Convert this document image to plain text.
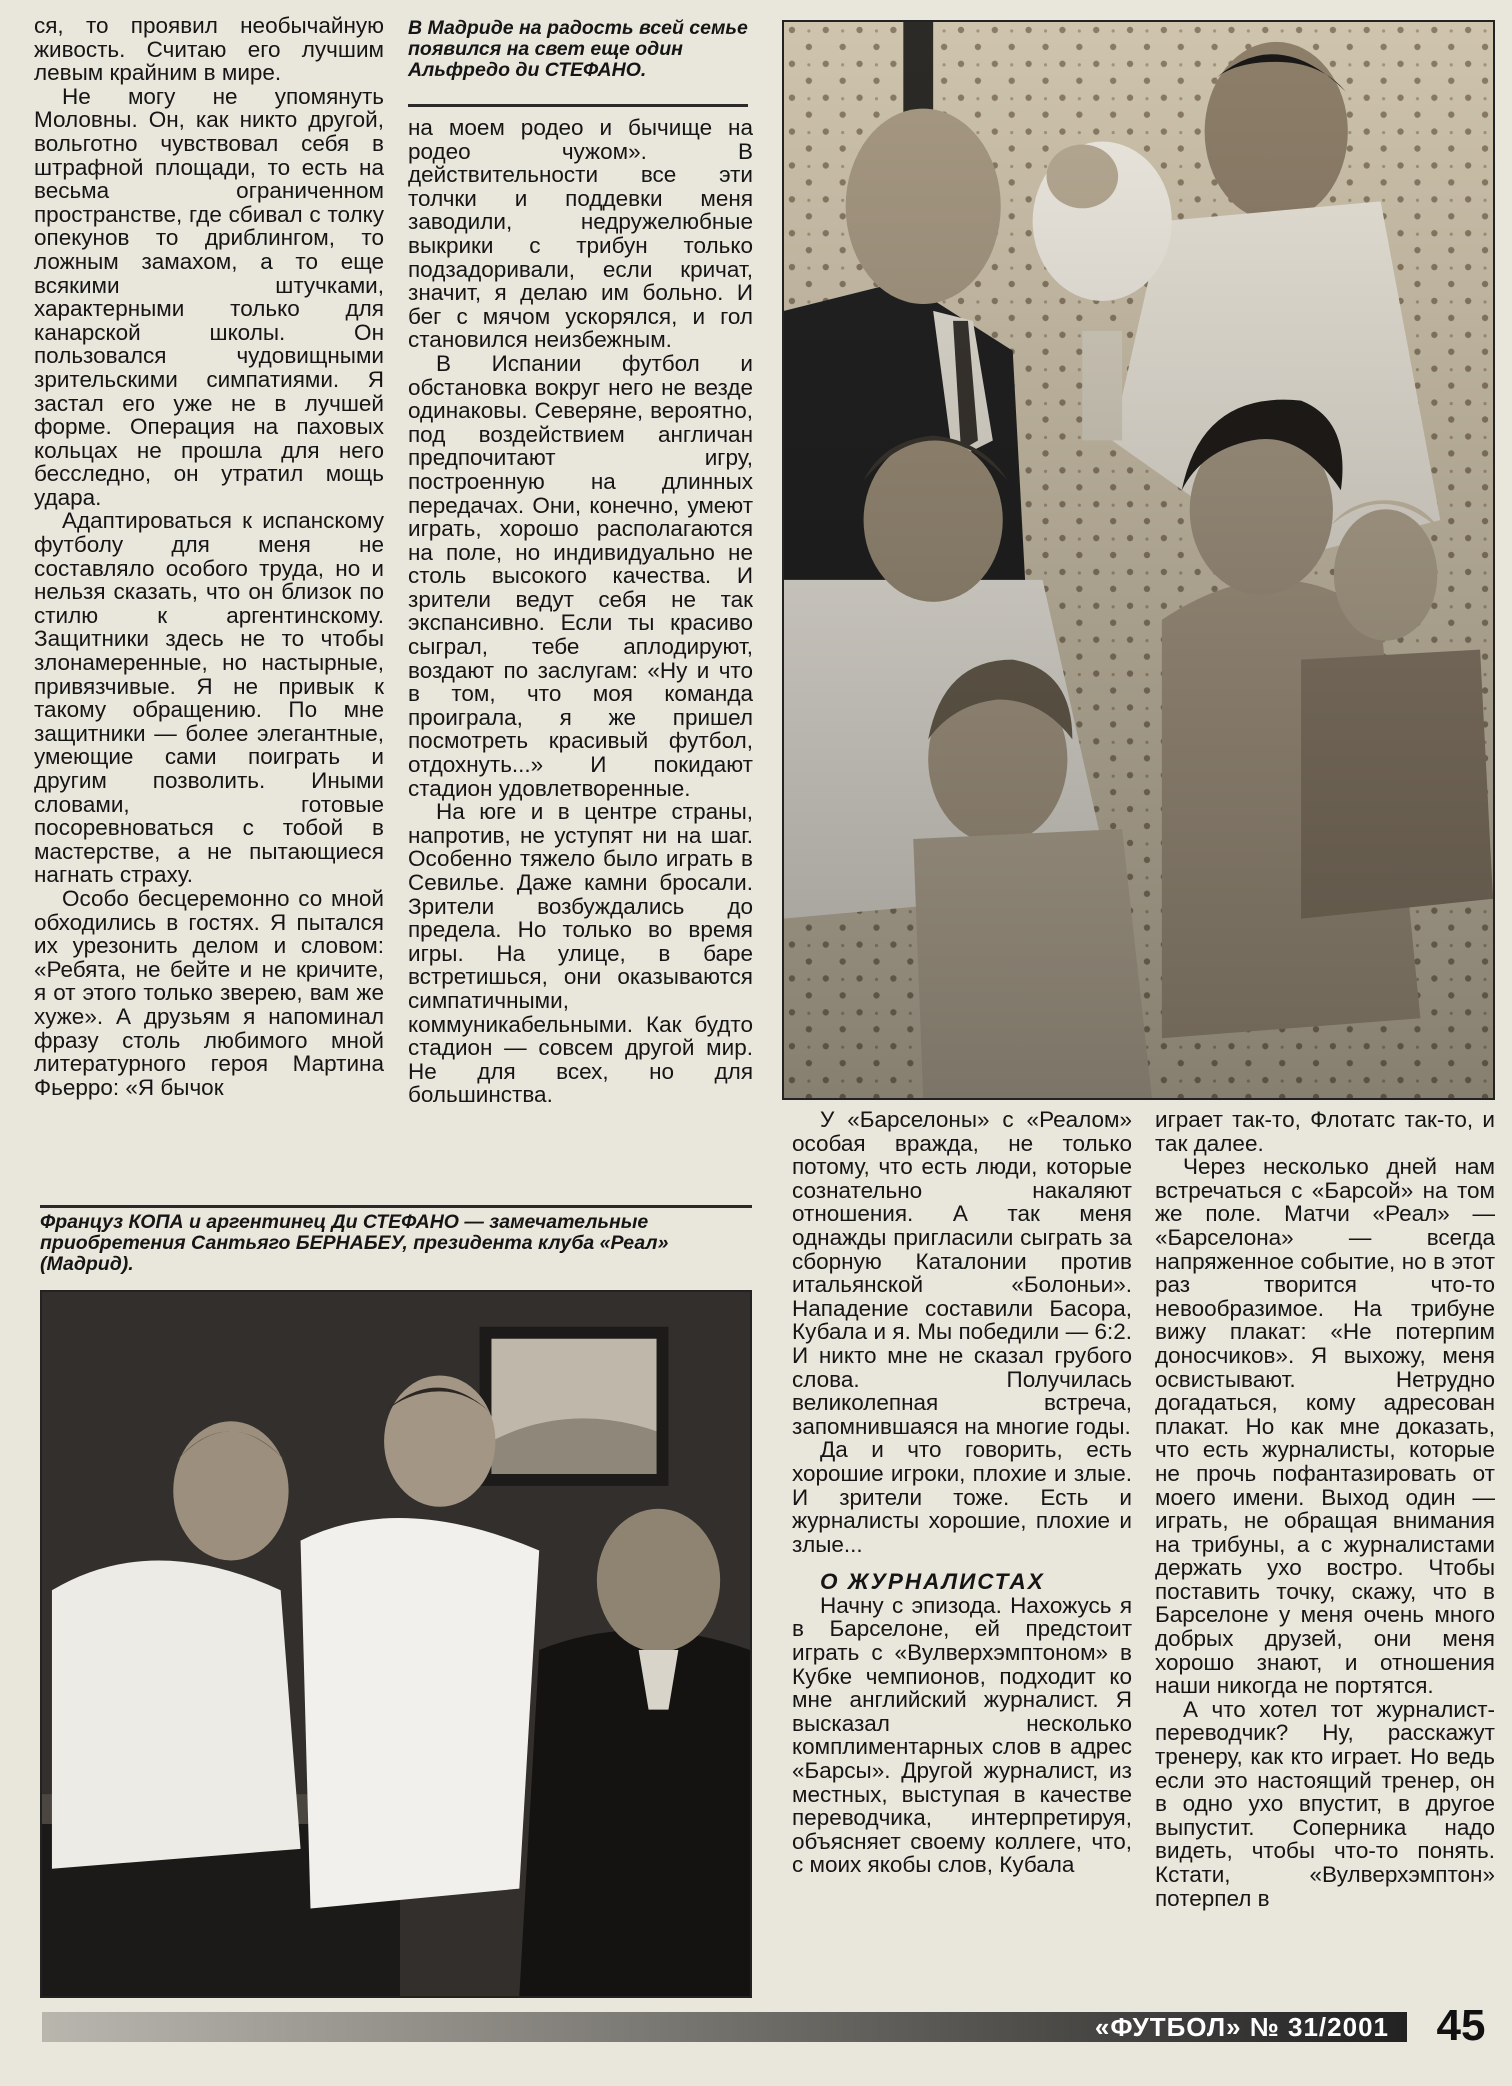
ся, то проявил необычайную живость. Считаю его лучшим левым крайним в мире.

Не могу не упомянуть Моловны. Он, как никто другой, вольготно чувствовал себя в штрафной площади, то есть на весьма ограниченном пространстве, где сбивал с толку опекунов то дриблингом, то ложным замахом, а то еще всякими штучками, характерными только для канарской школы. Он пользовался чудовищными зрительскими симпатиями. Я застал его уже не в лучшей форме. Операция на паховых кольцах не прошла для него бесследно, он утратил мощь удара.

Адаптироваться к испанскому футболу для меня не составляло особого труда, но и нельзя сказать, что он близок по стилю к аргентинскому. Защитники здесь не то чтобы злонамеренные, но настырные, привязчивые. Я не привык к такому обращению. По мне защитники — более элегантные, умеющие сами поиграть и другим позволить. Иными словами, готовые посоревноваться с тобой в мастерстве, а не пытающиеся нагнать страху.

Особо бесцеремонно со мной обходились в гостях. Я пытался их урезонить делом и словом: «Ребята, не бейте и не кричите, я от этого только зверею, вам же хуже». А друзьям я напоминал фразу столь любимого мной литературного героя Мартина Фьерро: «Я бычок

В Мадриде на радость всей семье появился на свет еще один Альфредо ди СТЕФАНО.

на моем родео и бычище на родео чужом». В действительности все эти толчки и поддевки меня заводили, недружелюбные выкрики с трибун только подзадоривали, если кричат, значит, я делаю им больно. И бег с мячом ускорялся, и гол становился неизбежным.

В Испании футбол и обстановка вокруг него не везде одинаковы. Северяне, вероятно, под воздействием англичан предпочитают игру, построенную на длинных передачах. Они, конечно, умеют играть, хорошо располагаются на поле, но индивидуально не столь высокого качества. И зрители ведут себя не так экспансивно. Если ты красиво сыграл, тебе аплодируют, воздают по заслугам: «Ну и что в том, что моя команда проиграла, я же пришел посмотреть красивый футбол, отдохнуть...» И покидают стадион удовлетворенные.

На юге и в центре страны, напротив, не уступят ни на шаг. Особенно тяжело было играть в Севилье. Даже камни бросали. Зрители возбуждались до предела. Но только во время игры. На улице, в баре встретишься, они оказываются симпатичными, коммуникабельными. Как будто стадион — совсем другой мир. Не для всех, но для большинства.

Француз КОПА и аргентинец Ди СТЕФАНО — замечательные приобретения Сантьяго БЕРНАБЕУ, президента клуба «Реал» (Мадрид).

У «Барселоны» с «Реалом» особая вражда, не только потому, что есть люди, которые сознательно накаляют отношения. А так меня однажды пригласили сыграть за сборную Каталонии против итальянской «Болоньи». Нападение составили Басора, Кубала и я. Мы победили — 6:2. И никто мне не сказал грубого слова. Получилась великолепная встреча, запомнившаяся на многие годы.

Да и что говорить, есть хорошие игроки, плохие и злые. И зрители тоже. Есть и журналисты хорошие, плохие и злые...

О ЖУРНАЛИСТАХ

Начну с эпизода. Нахожусь я в Барселоне, ей предстоит играть с «Вулверхэмптоном» в Кубке чемпионов, подходит ко мне английский журналист. Я высказал несколько комплиментарных слов в адрес «Барсы». Другой журналист, из местных, выступая в качестве переводчика, интерпретируя, объясняет своему коллеге, что, с моих якобы слов, Кубала

играет так-то, Флотатс так-то, и так далее.

Через несколько дней нам встречаться с «Барсой» на том же поле. Матчи «Реал» — «Барселона» — всегда напряженное событие, но в этот раз творится что-то невообразимое. На трибуне вижу плакат: «Не потерпим доносчиков». Я выхожу, меня освистывают. Нетрудно догадаться, кому адресован плакат. Но как мне доказать, что есть журналисты, которые не прочь пофантазировать от моего имени. Выход один — играть, не обращая внимания на трибуны, а с журналистами держать ухо востро. Чтобы поставить точку, скажу, что в Барселоне у меня очень много добрых друзей, они меня хорошо знают, и отношения наши никогда не портятся.

А что хотел тот журналист-переводчик? Ну, расскажут тренеру, как кто играет. Но ведь если это настоящий тренер, он в одно ухо впустит, в другое выпустит. Соперника надо видеть, чтобы что-то понять. Кстати, «Вулверхэмптон» потерпел в

«ФУТБОЛ» № 31/2001	45
